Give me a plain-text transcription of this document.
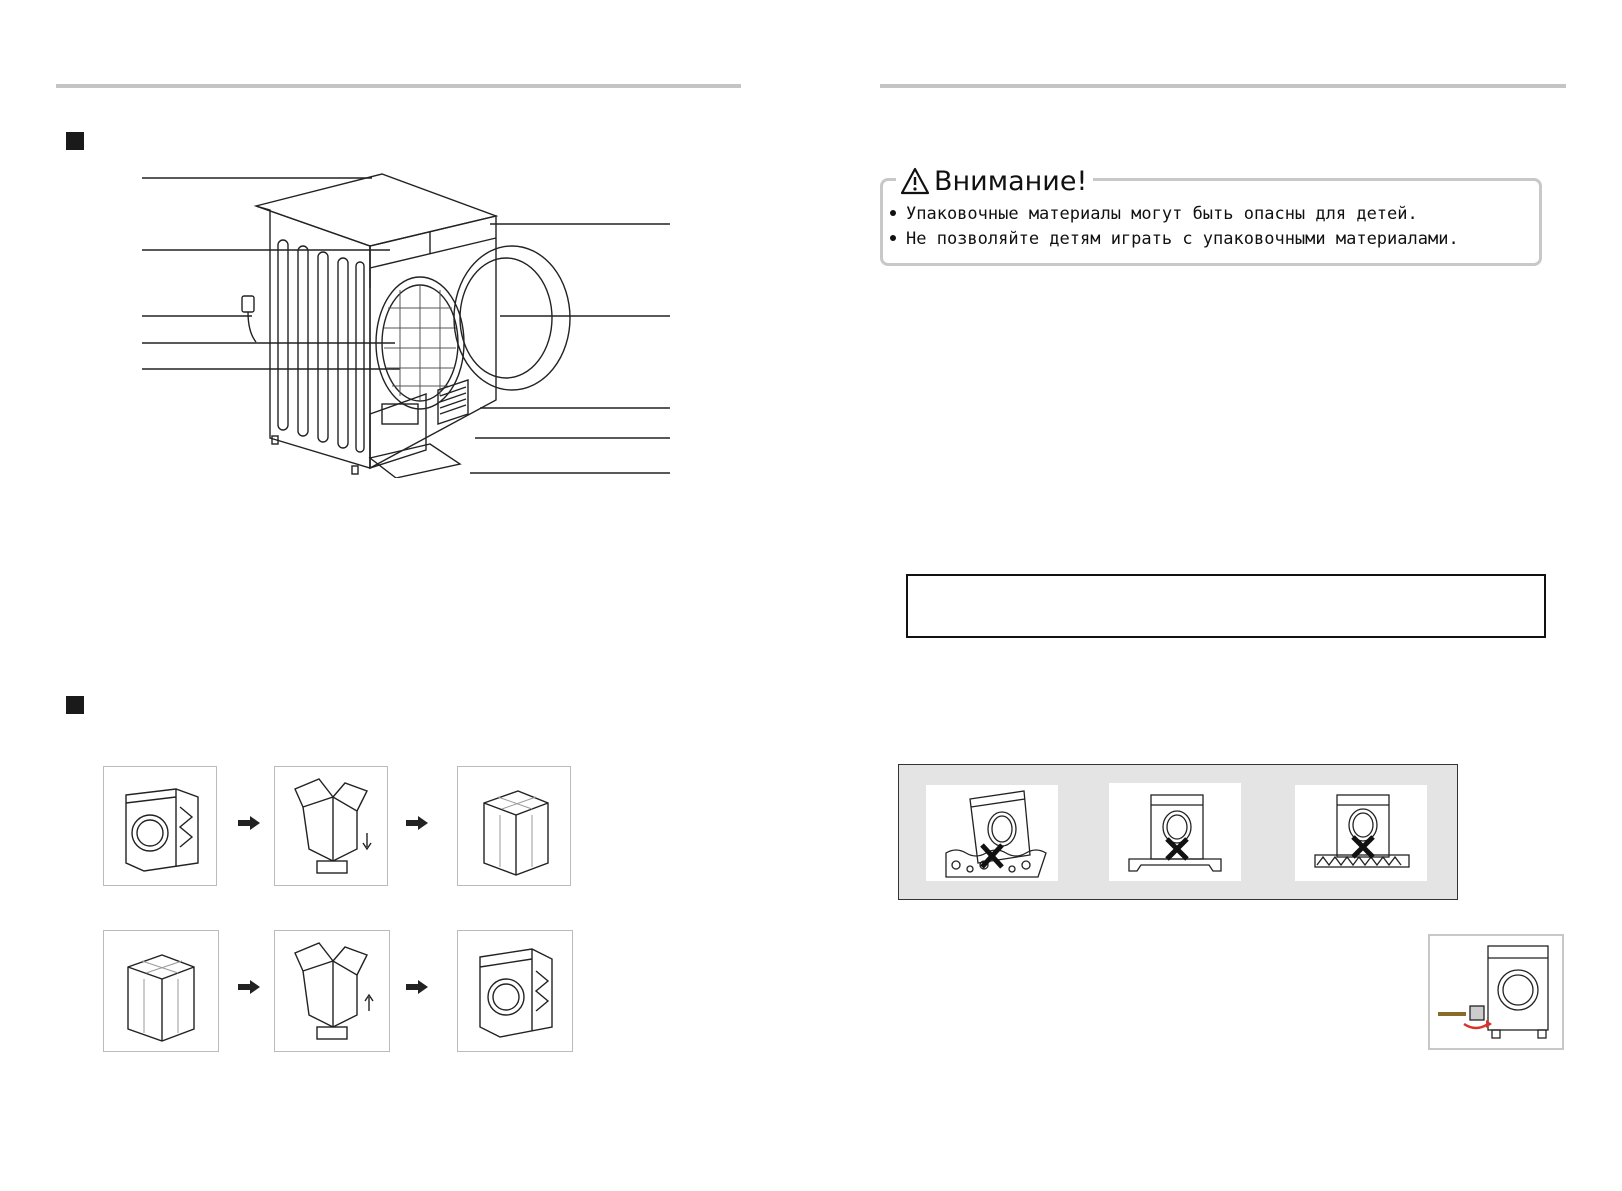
Внимание!
Упаковочные материалы могут быть опасны для детей.
Не позволяйте детям играть с упаковочными материалами.
